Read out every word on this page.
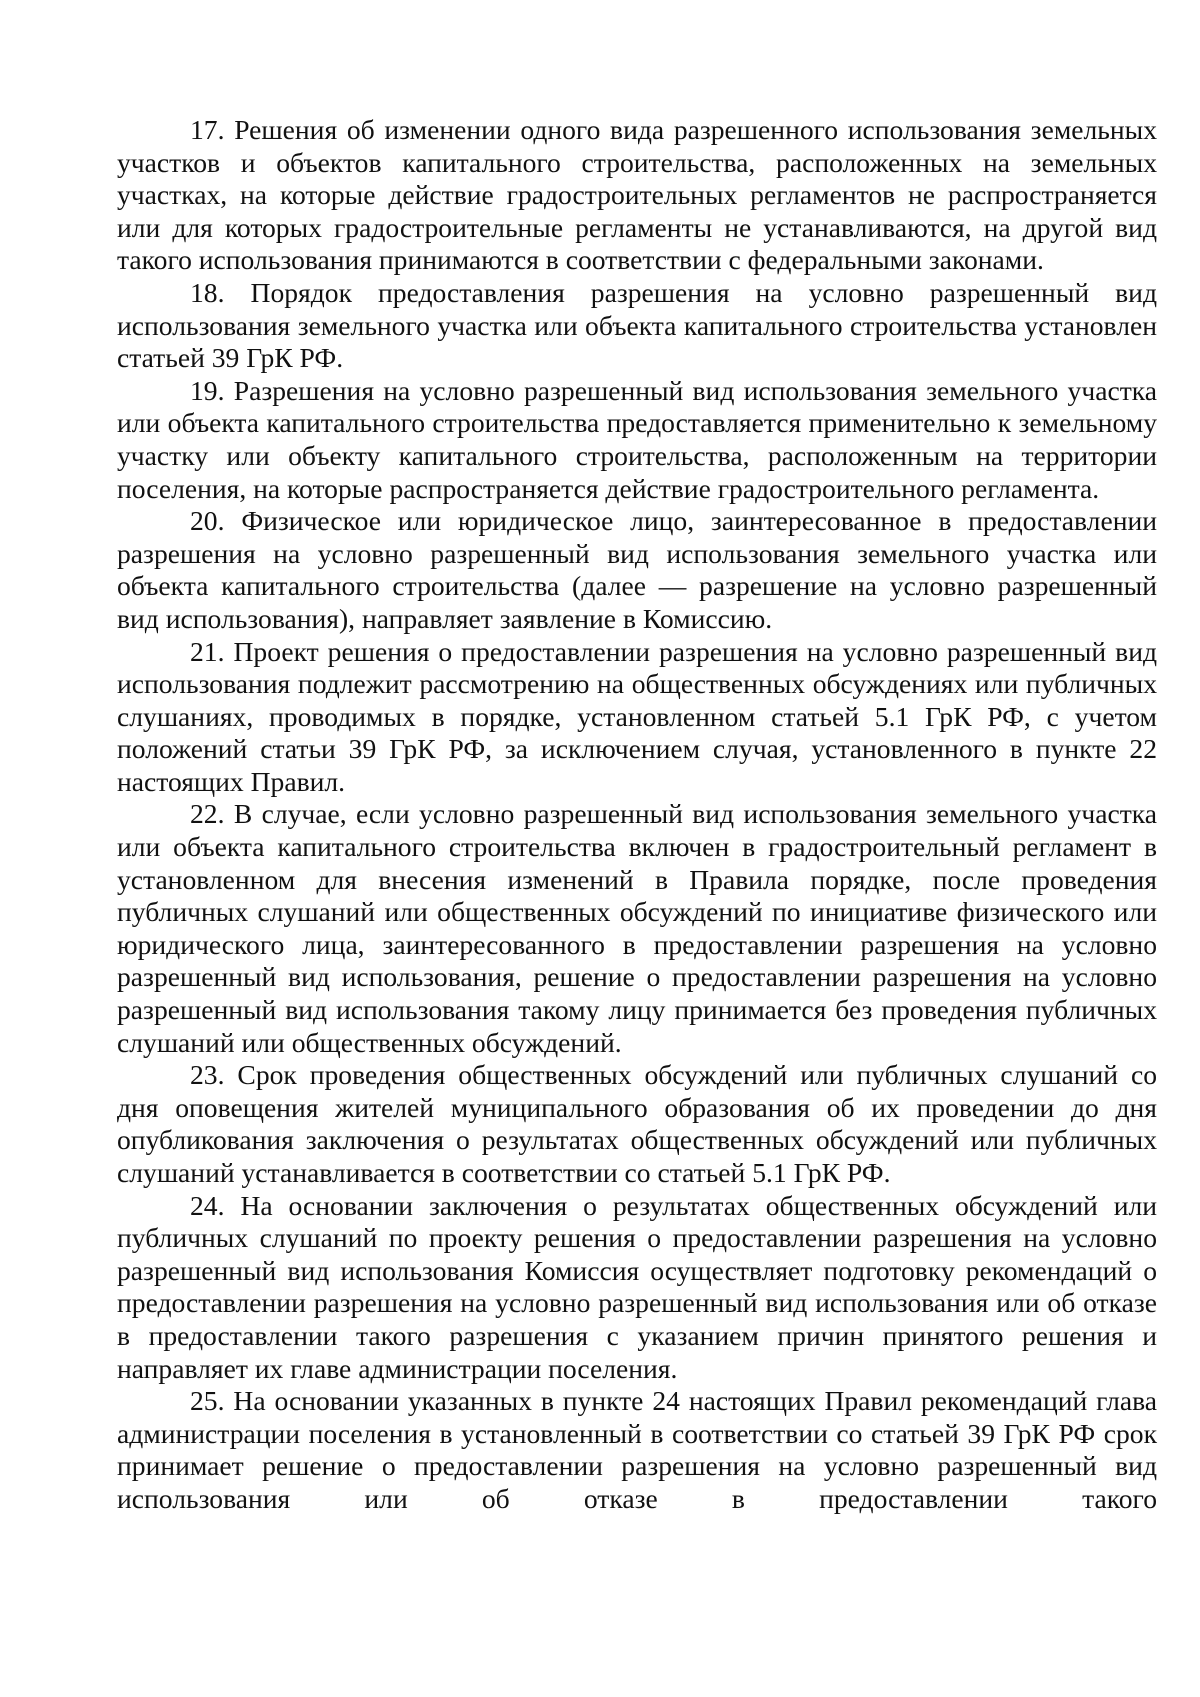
17. Решения об изменении одного вида разрешенного использования земельных участков и объектов капитального строительства, расположенных на земельных участках, на которые действие градостроительных регламентов не распространяется или для которых градостроительные регламенты не устанавливаются, на другой вид такого использования принимаются в соответствии с федеральными законами.

18. Порядок предоставления разрешения на условно разрешенный вид использования земельного участка или объекта капитального строительства установлен статьей 39 ГрК РФ.

19. Разрешения на условно разрешенный вид использования земельного участка или объекта капитального строительства предоставляется применительно к земельному участку или объекту капитального строительства, расположенным на территории поселения, на которые распространяется действие градостроительного регламента.

20. Физическое или юридическое лицо, заинтересованное в предоставлении разрешения на условно разрешенный вид использования земельного участка или объекта капитального строительства (далее — разрешение на условно разрешенный вид использования), направляет заявление в Комиссию.

21. Проект решения о предоставлении разрешения на условно разрешенный вид использования подлежит рассмотрению на общественных обсуждениях или публичных слушаниях, проводимых в порядке, установленном статьей 5.1 ГрК РФ, с учетом положений статьи 39 ГрК РФ, за исключением случая, установленного в пункте 22 настоящих Правил.

22. В случае, если условно разрешенный вид использования земельного участка или объекта капитального строительства включен в градостроительный регламент в установленном для внесения изменений в Правила порядке, после проведения публичных слушаний или общественных обсуждений по инициативе физического или юридического лица, заинтересованного в предоставлении разрешения на условно разрешенный вид использования, решение о предоставлении разрешения на условно разрешенный вид использования такому лицу принимается без проведения публичных слушаний или общественных обсуждений.

23. Срок проведения общественных обсуждений или публичных слушаний со дня оповещения жителей муниципального образования об их проведении до дня опубликования заключения о результатах общественных обсуждений или публичных слушаний устанавливается в соответствии со статьей 5.1 ГрК РФ.

24. На основании заключения о результатах общественных обсуждений или публичных слушаний по проекту решения о предоставлении разрешения на условно разрешенный вид использования Комиссия осуществляет подготовку рекомендаций о предоставлении разрешения на условно разрешенный вид использования или об отказе в предоставлении такого разрешения с указанием причин принятого решения и направляет их главе администрации поселения.

25. На основании указанных в пункте 24 настоящих Правил рекомендаций глава администрации поселения в установленный в соответствии со статьей 39 ГрК РФ срок принимает решение о предоставлении разрешения на условно разрешенный вид использования или об отказе в предоставлении такого
